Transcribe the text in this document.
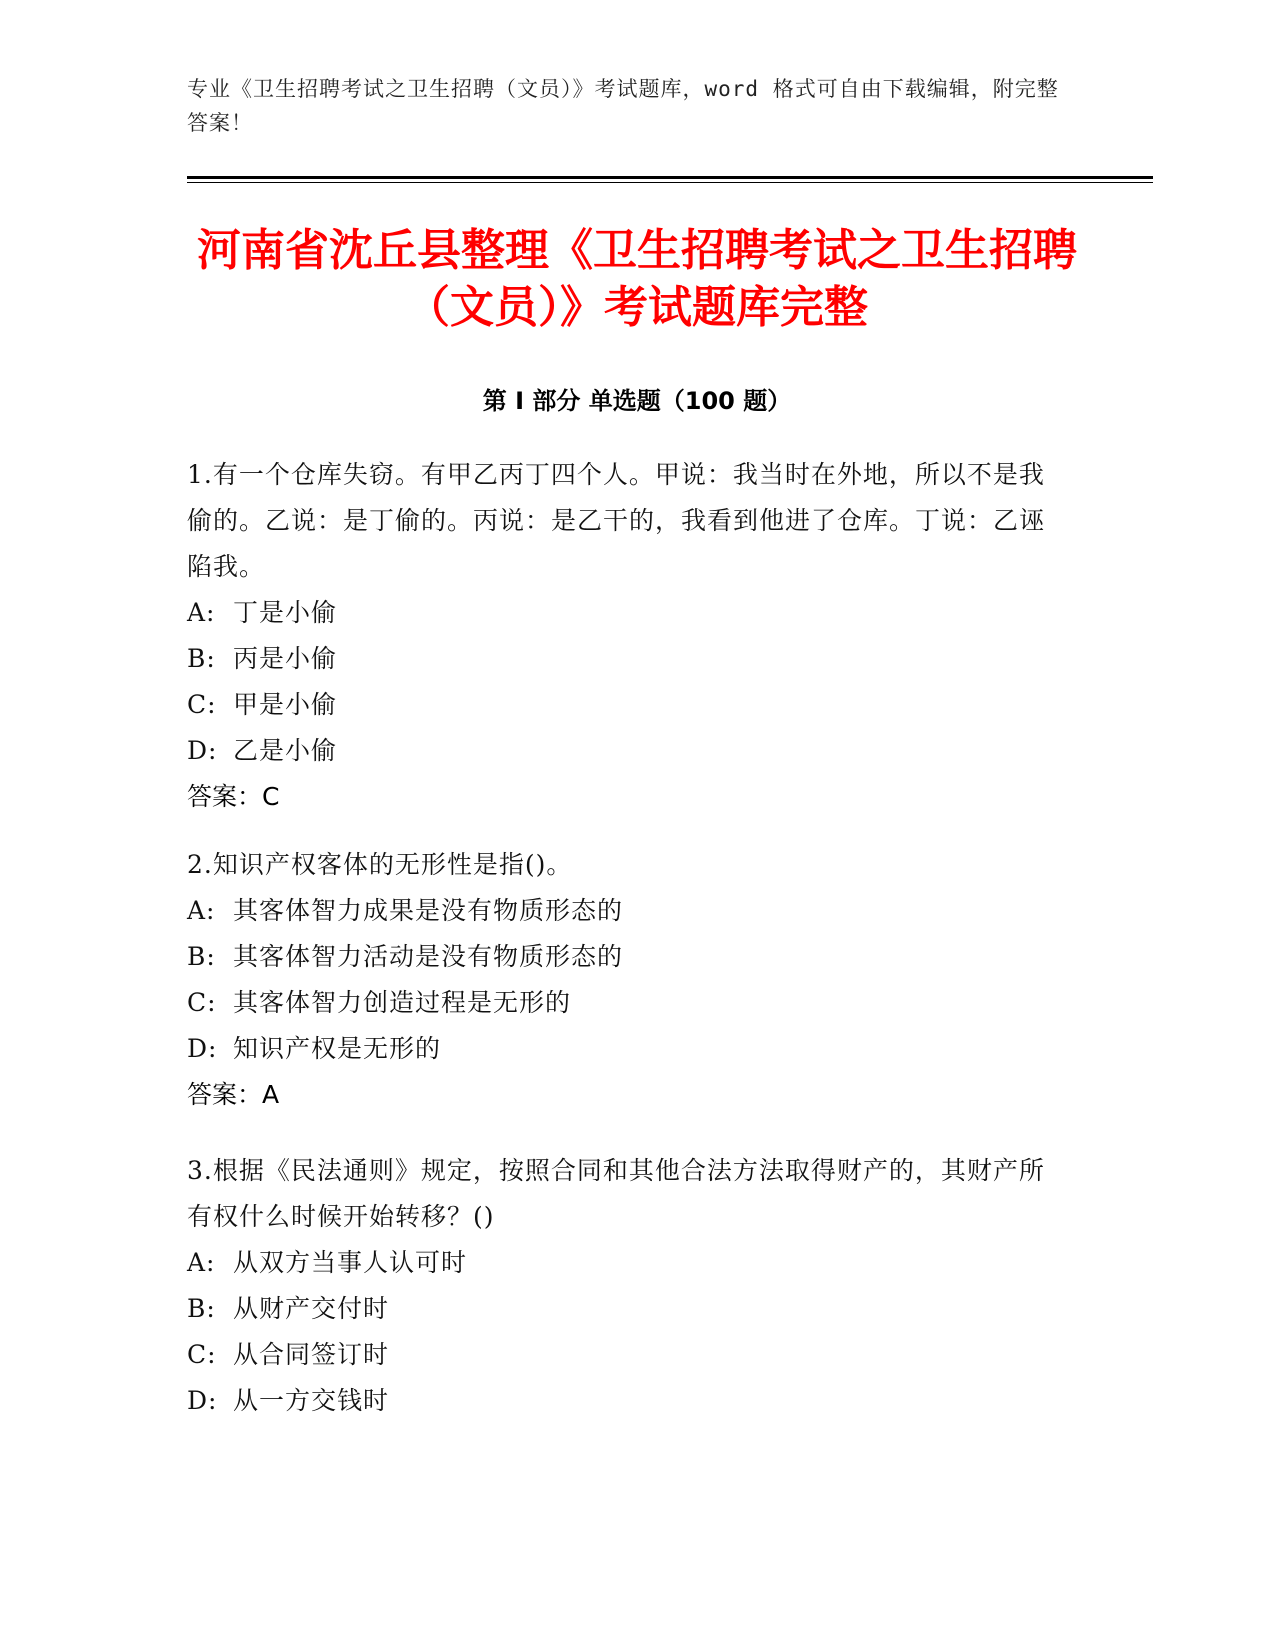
专业《卫生招聘考试之卫生招聘（文员）》考试题库，word 格式可自由下载编辑，附完整答案！
河南省沈丘县整理《卫生招聘考试之卫生招聘（文员）》考试题库完整
第 I 部分 单选题（100 题）
1.有一个仓库失窃。有甲乙丙丁四个人。甲说：我当时在外地，所以不是我偷的。乙说：是丁偷的。丙说：是乙干的，我看到他进了仓库。丁说：乙诬陷我。
A: 丁是小偷
B: 丙是小偷
C: 甲是小偷
D: 乙是小偷
答案：C
2.知识产权客体的无形性是指()。
A: 其客体智力成果是没有物质形态的
B: 其客体智力活动是没有物质形态的
C: 其客体智力创造过程是无形的
D: 知识产权是无形的
答案：A
3.根据《民法通则》规定，按照合同和其他合法方法取得财产的，其财产所有权什么时候开始转移？()
A: 从双方当事人认可时
B: 从财产交付时
C: 从合同签订时
D: 从一方交钱时
